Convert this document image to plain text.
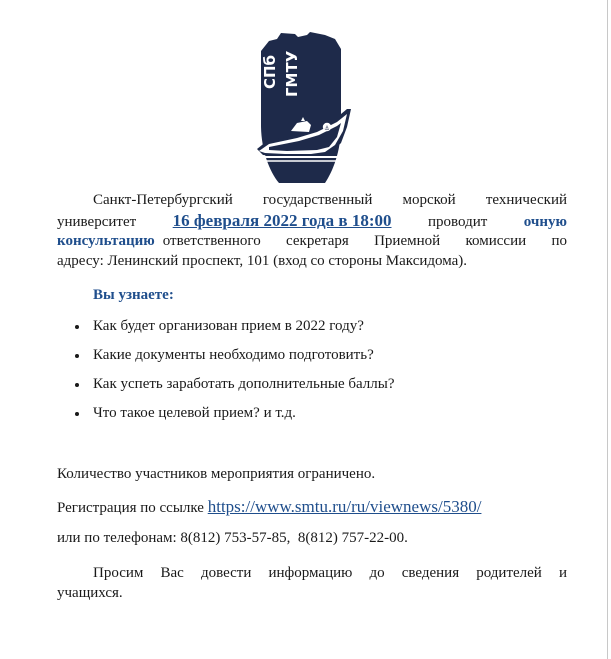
⚓
СПб ГМТУ
Санкт-Петербургский государственный морской технический
университет 16 февраля 2022 года в 18:00 проводит очную
консультацию ответственного секретаря Приемной комиссии по
адресу: Ленинский проспект, 101 (вход со стороны Максидома).
Вы узнаете:
Как будет организован прием в 2022 году?
Какие документы необходимо подготовить?
Как успеть заработать дополнительные баллы?
Что такое целевой прием? и т.д.
Количество участников мероприятия ограничено.
Регистрация по ссылке https://www.smtu.ru/ru/viewnews/5380/
или по телефонам: 8(812) 753-57-85,  8(812) 757-22-00.
Просим Вас довести информацию до сведения родителей и
учащихся.
